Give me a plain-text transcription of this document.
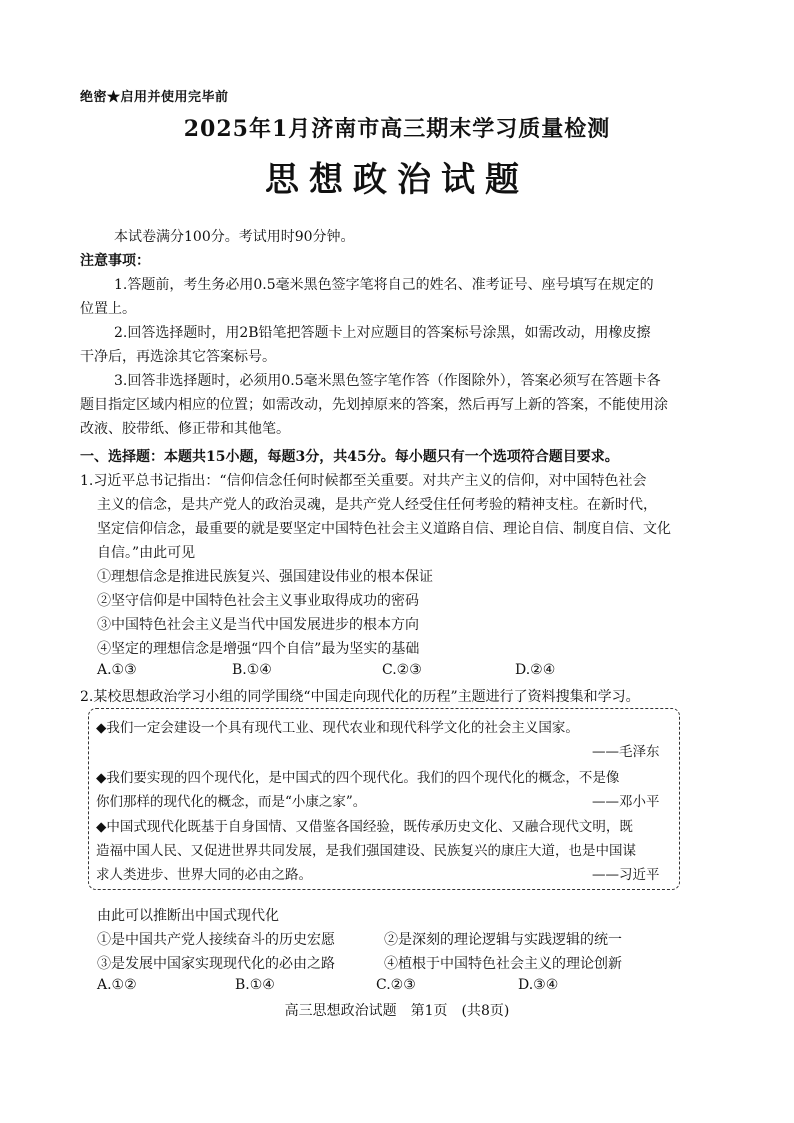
绝密★启用并使用完毕前
2025年1月济南市高三期末学习质量检测
思想政治试题
本试卷满分100分。考试用时90分钟。
注意事项：
1.答题前，考生务必用0.5毫米黑色签字笔将自己的姓名、准考证号、座号填写在规定的
位置上。
2.回答选择题时，用2B铅笔把答题卡上对应题目的答案标号涂黑，如需改动，用橡皮擦
干净后，再选涂其它答案标号。
3.回答非选择题时，必须用0.5毫米黑色签字笔作答（作图除外），答案必须写在答题卡各
题目指定区域内相应的位置；如需改动，先划掉原来的答案，然后再写上新的答案，不能使用涂
改液、胶带纸、修正带和其他笔。
一、选择题：本题共15小题，每题3分，共45分。每小题只有一个选项符合题目要求。
1.习近平总书记指出：“信仰信念任何时候都至关重要。对共产主义的信仰，对中国特色社会
主义的信念，是共产党人的政治灵魂，是共产党人经受住任何考验的精神支柱。在新时代，
坚定信仰信念，最重要的就是要坚定中国特色社会主义道路自信、理论自信、制度自信、文化
自信。”由此可见
①理想信念是推进民族复兴、强国建设伟业的根本保证
②坚守信仰是中国特色社会主义事业取得成功的密码
③中国特色社会主义是当代中国发展进步的根本方向
④坚定的理想信念是增强“四个自信”最为坚实的基础
A.①③	B.①④	C.②③	D.②④
2.某校思想政治学习小组的同学围绕“中国走向现代化的历程”主题进行了资料搜集和学习。
◆我们一定会建设一个具有现代工业、现代农业和现代科学文化的社会主义国家。
——毛泽东
◆我们要实现的四个现代化，是中国式的四个现代化。我们的四个现代化的概念，不是像
你们那样的现代化的概念，而是“小康之家”。	——邓小平
◆中国式现代化既基于自身国情、又借鉴各国经验，既传承历史文化、又融合现代文明，既
造福中国人民、又促进世界共同发展，是我们强国建设、民族复兴的康庄大道，也是中国谋
求人类进步、世界大同的必由之路。	——习近平
由此可以推断出中国式现代化
①是中国共产党人接续奋斗的历史宏愿	②是深刻的理论逻辑与实践逻辑的统一
③是发展中国家实现现代化的必由之路	④植根于中国特色社会主义的理论创新
A.①②	B.①④	C.②③	D.③④
高三思想政治试题　第1页　(共8页)
